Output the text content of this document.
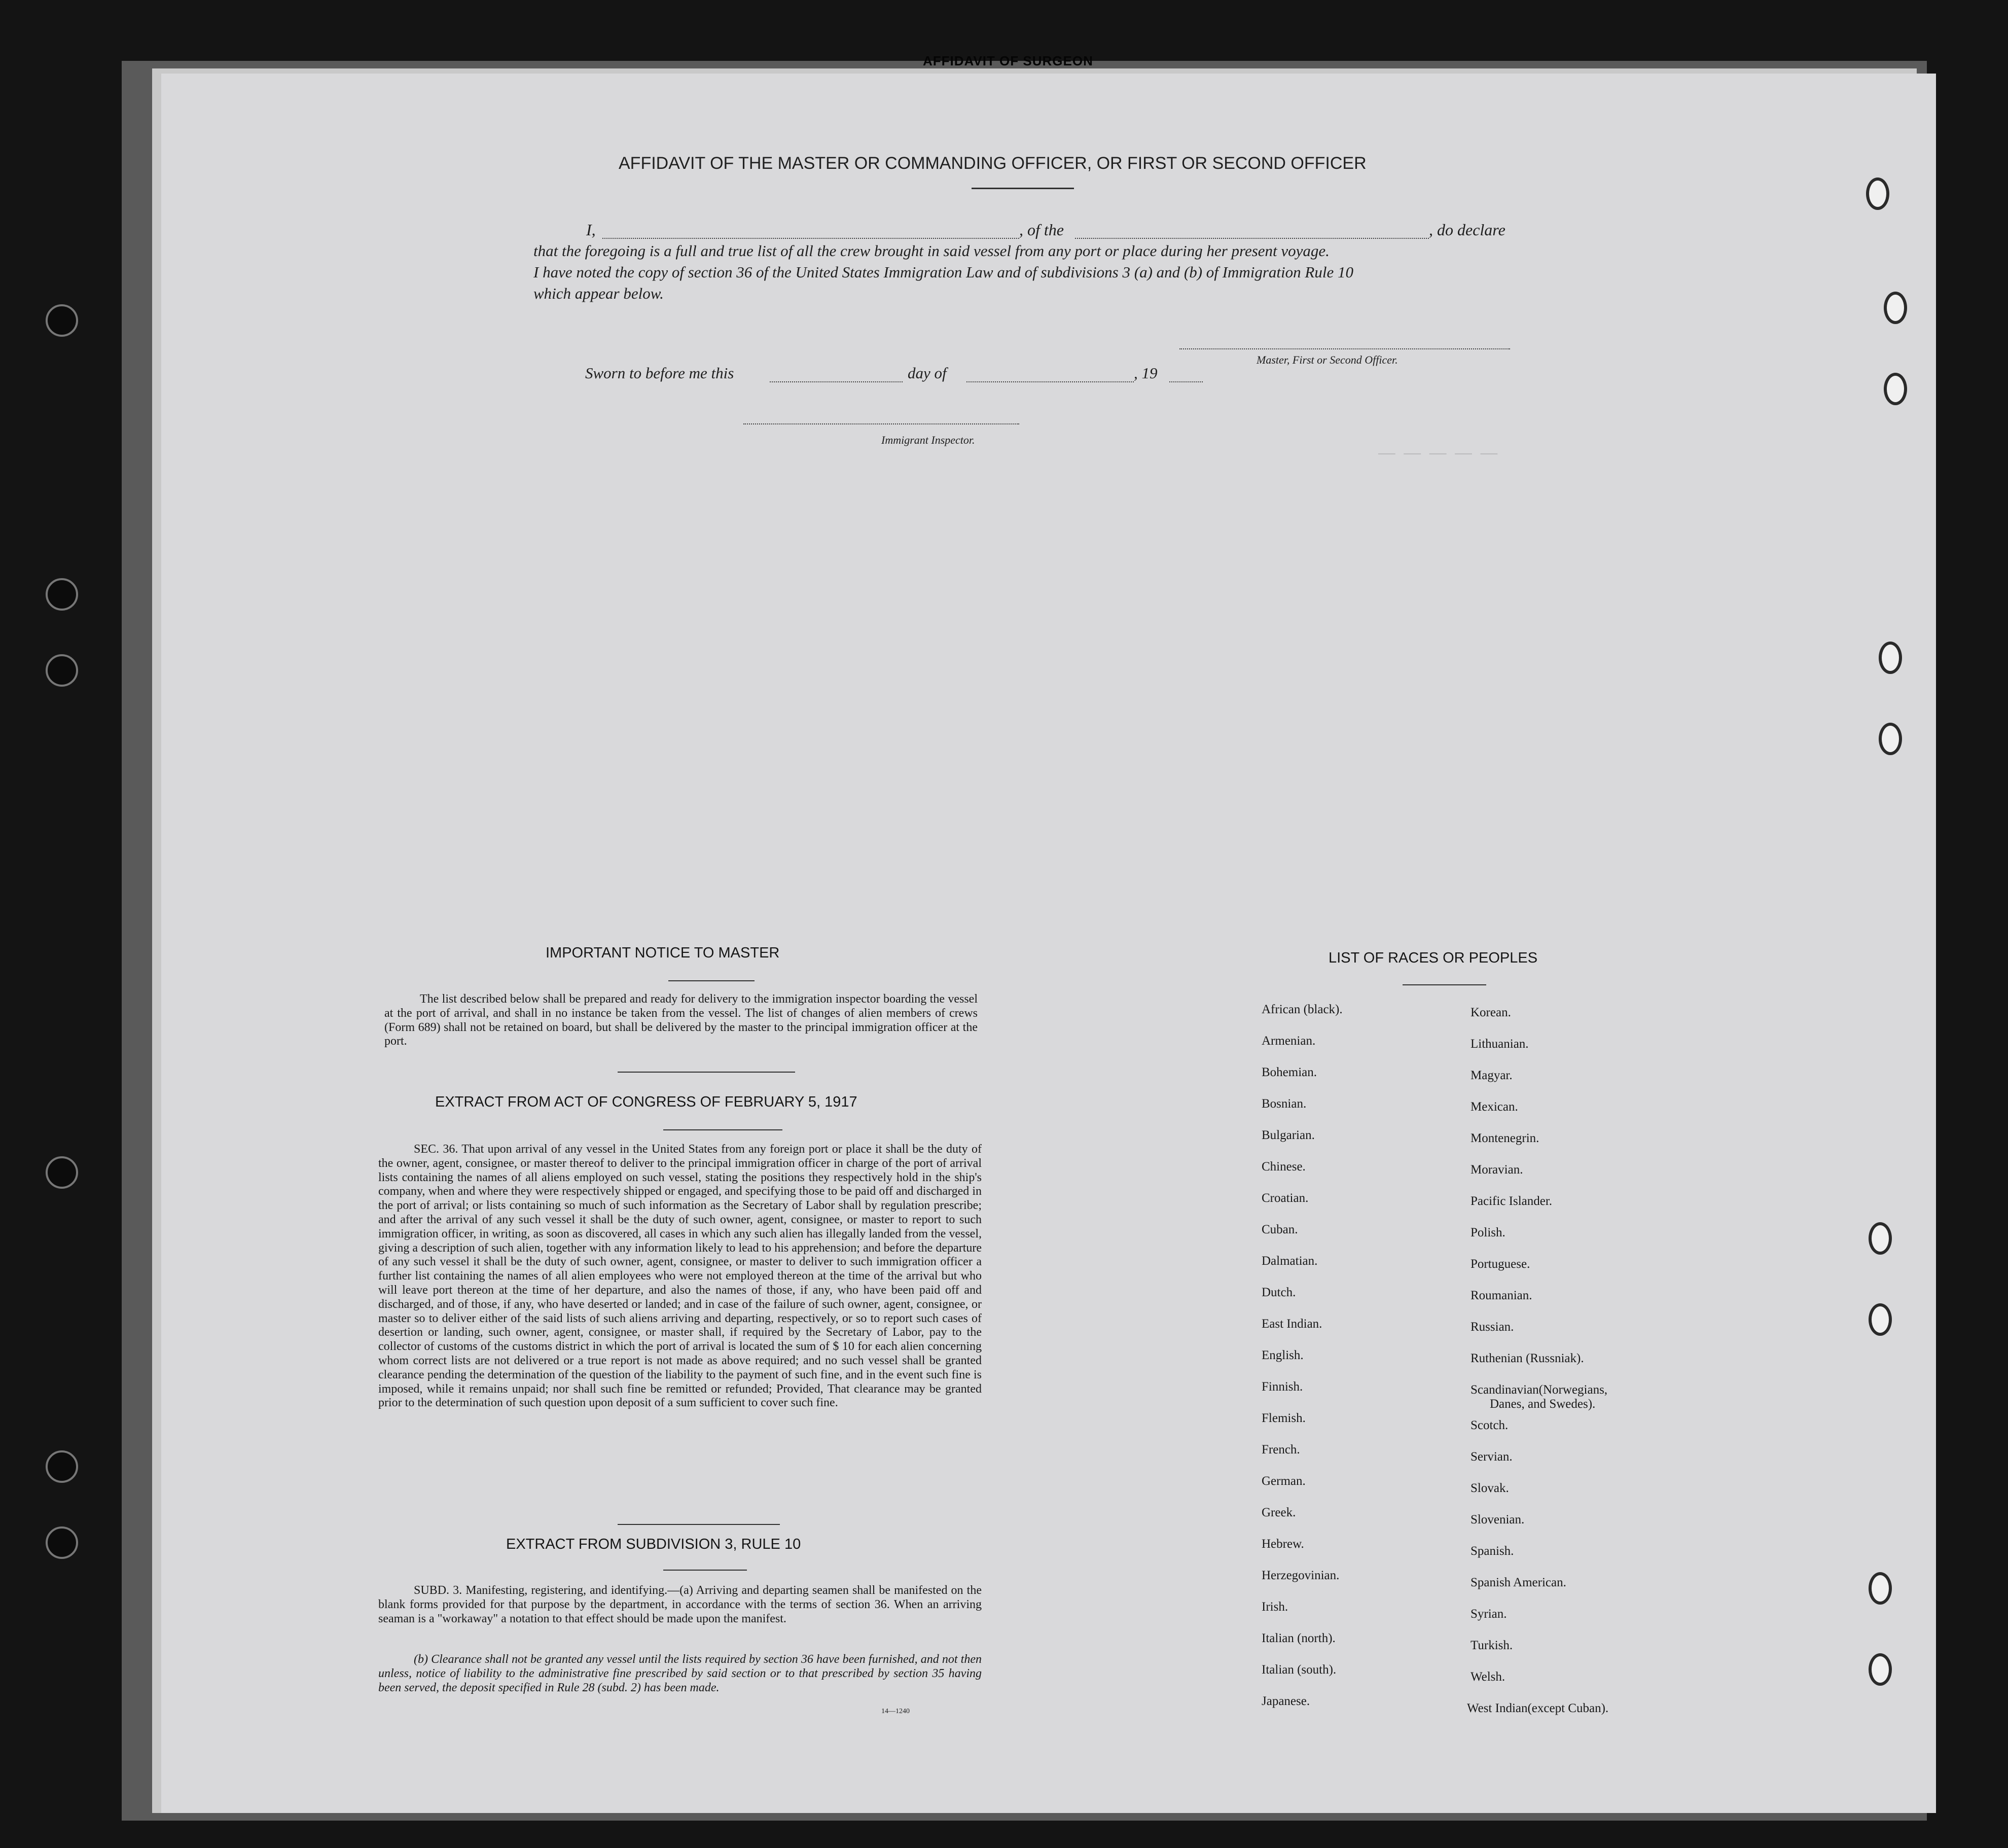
AFFIDAVIT OF SURGEON
—— —— —— —— ——
AFFIDAVIT OF THE MASTER OR COMMANDING OFFICER, OR FIRST OR SECOND OFFICER
I,	, of the	, do declare
that the foregoing is a full and true list of all the crew brought in said vessel from any port or place during her present voyage.
I have noted the copy of section 36 of the United States Immigration Law and of subdivisions 3 (a) and (b) of Immigration Rule 10
which appear below.
Master, First or Second Officer.
Sworn to before me this	day of	, 19
Immigrant Inspector.
IMPORTANT NOTICE TO MASTER
The list described below shall be prepared and ready for delivery to the immigration inspector boarding the vessel at the port of arrival, and shall in no instance be taken from the vessel. The list of changes of alien members of crews (Form 689) shall not be retained on board, but shall be delivered by the master to the principal immigration officer at the port.
EXTRACT FROM ACT OF CONGRESS OF FEBRUARY 5, 1917
SEC. 36. That upon arrival of any vessel in the United States from any foreign port or place it shall be the duty of the owner, agent, consignee, or master thereof to deliver to the principal immigration officer in charge of the port of arrival lists containing the names of all aliens employed on such vessel, stating the positions they respectively hold in the ship's company, when and where they were respectively shipped or engaged, and specifying those to be paid off and discharged in the port of arrival; or lists containing so much of such information as the Secretary of Labor shall by regulation prescribe; and after the arrival of any such vessel it shall be the duty of such owner, agent, consignee, or master to report to such immigration officer, in writing, as soon as discovered, all cases in which any such alien has illegally landed from the vessel, giving a description of such alien, together with any information likely to lead to his apprehension; and before the departure of any such vessel it shall be the duty of such owner, agent, consignee, or master to deliver to such immigration officer a further list containing the names of all alien employees who were not employed thereon at the time of the arrival but who will leave port thereon at the time of her departure, and also the names of those, if any, who have been paid off and discharged, and of those, if any, who have deserted or landed; and in case of the failure of such owner, agent, consignee, or master so to deliver either of the said lists of such aliens arriving and departing, respectively, or so to report such cases of desertion or landing, such owner, agent, consignee, or master shall, if required by the Secretary of Labor, pay to the collector of customs of the customs district in which the port of arrival is located the sum of $ 10 for each alien concerning whom correct lists are not delivered or a true report is not made as above required; and no such vessel shall be granted clearance pending the determination of the question of the liability to the payment of such fine, and in the event such fine is imposed, while it remains unpaid; nor shall such fine be remitted or refunded; Provided, That clearance may be granted prior to the determination of such question upon deposit of a sum sufficient to cover such fine.
EXTRACT FROM SUBDIVISION 3, RULE 10
SUBD. 3. Manifesting, registering, and identifying.—(a) Arriving and departing seamen shall be manifested on the blank forms provided for that purpose by the department, in accordance with the terms of section 36. When an arriving seaman is a "workaway" a notation to that effect should be made upon the manifest.
(b) Clearance shall not be granted any vessel until the lists required by section 36 have been furnished, and not then unless, notice of liability to the administrative fine prescribed by said section or to that prescribed by section 35 having been served, the deposit specified in Rule 28 (subd. 2) has been made.
14—1240
LIST OF RACES OR PEOPLES
African (black).
Armenian.
Bohemian.
Bosnian.
Bulgarian.
Chinese.
Croatian.
Cuban.
Dalmatian.
Dutch.
East Indian.
English.
Finnish.
Flemish.
French.
German.
Greek.
Hebrew.
Herzegovinian.
Irish.
Italian (north).
Italian (south).
Japanese.
Korean.
Lithuanian.
Magyar.
Mexican.
Montenegrin.
Moravian.
Pacific Islander.
Polish.
Portuguese.
Roumanian.
Russian.
Ruthenian (Russniak).
Scandinavian(Norwegians,
Danes, and Swedes).
Scotch.
Servian.
Slovak.
Slovenian.
Spanish.
Spanish American.
Syrian.
Turkish.
Welsh.
West Indian(except Cuban).
